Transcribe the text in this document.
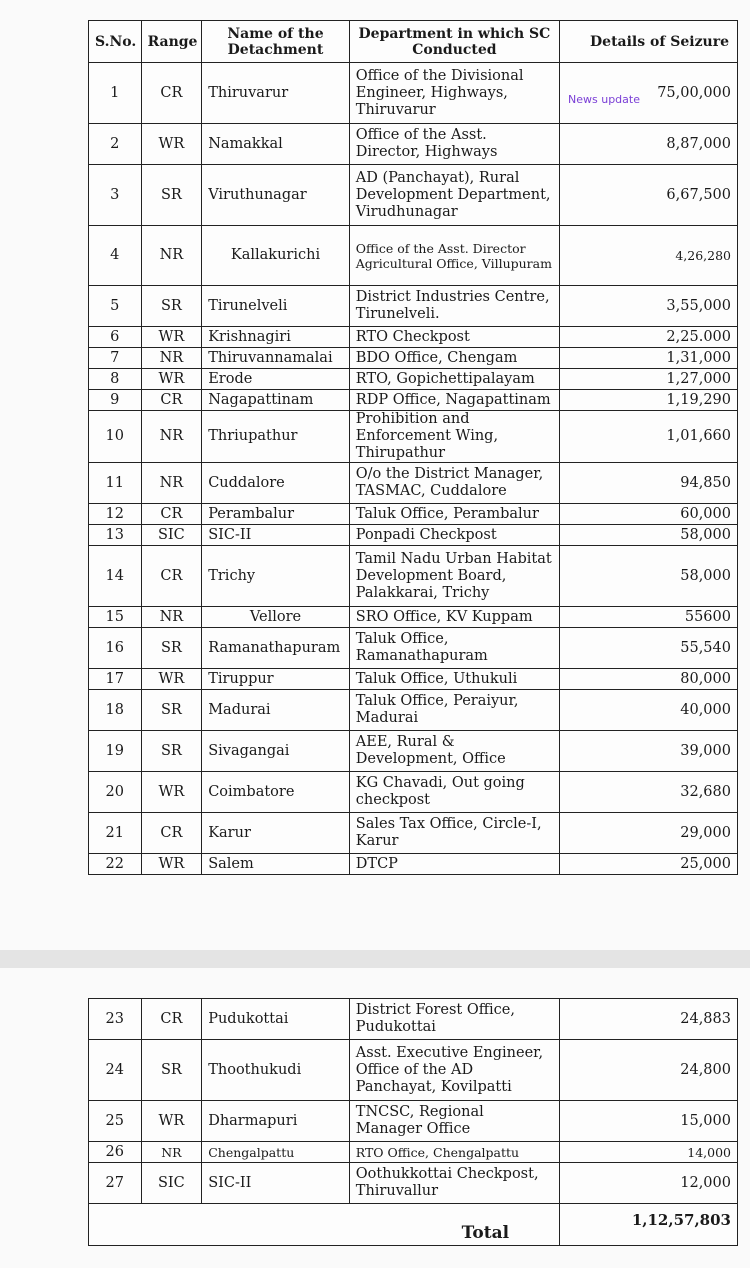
S.No.	Range	Name of the Detachment	Department in which SC Conducted	Details of Seizure
1	CR	Thiruvarur	Office of the Divisional Engineer, Highways, Thiruvarur	75,00,000
2	WR	Namakkal	Office of the Asst. Director, Highways	8,87,000
3	SR	Viruthunagar	AD (Panchayat), Rural Development Department, Virudhunagar	6,67,500
4	NR	Kallakurichi	Office of the Asst. Director Agricultural Office, Villupuram	4,26,280
5	SR	Tirunelveli	District Industries Centre, Tirunelveli.	3,55,000
6	WR	Krishnagiri	RTO Checkpost	2,25.000
7	NR	Thiruvannamalai	BDO Office, Chengam	1,31,000
8	WR	Erode	RTO, Gopichettipalayam	1,27,000
9	CR	Nagapattinam	RDP Office, Nagapattinam	1,19,290
10	NR	Thriupathur	Prohibition and Enforcement Wing, Thirupathur	1,01,660
11	NR	Cuddalore	O/o the District Manager, TASMAC, Cuddalore	94,850
12	CR	Perambalur	Taluk Office, Perambalur	60,000
13	SIC	SIC-II	Ponpadi Checkpost	58,000
14	CR	Trichy	Tamil Nadu Urban Habitat Development Board, Palakkarai, Trichy	58,000
15	NR	Vellore	SRO Office, KV Kuppam	55600
16	SR	Ramanathapuram	Taluk Office, Ramanathapuram	55,540
17	WR	Tiruppur	Taluk Office, Uthukuli	80,000
18	SR	Madurai	Taluk Office, Peraiyur, Madurai	40,000
19	SR	Sivagangai	AEE, Rural & Development, Office	39,000
20	WR	Coimbatore	KG Chavadi, Out going checkpost	32,680
21	CR	Karur	Sales Tax Office, Circle-I, Karur	29,000
22	WR	Salem	DTCP	25,000
News update
23	CR	Pudukottai	District Forest Office, Pudukottai	24,883
24	SR	Thoothukudi	Asst. Executive Engineer, Office of the AD Panchayat, Kovilpatti	24,800
25	WR	Dharmapuri	TNCSC, Regional Manager Office	15,000
26	NR	Chengalpattu	RTO Office, Chengalpattu	14,000
27	SIC	SIC-II	Oothukkottai Checkpost, Thiruvallur	12,000
Total				1,12,57,803
